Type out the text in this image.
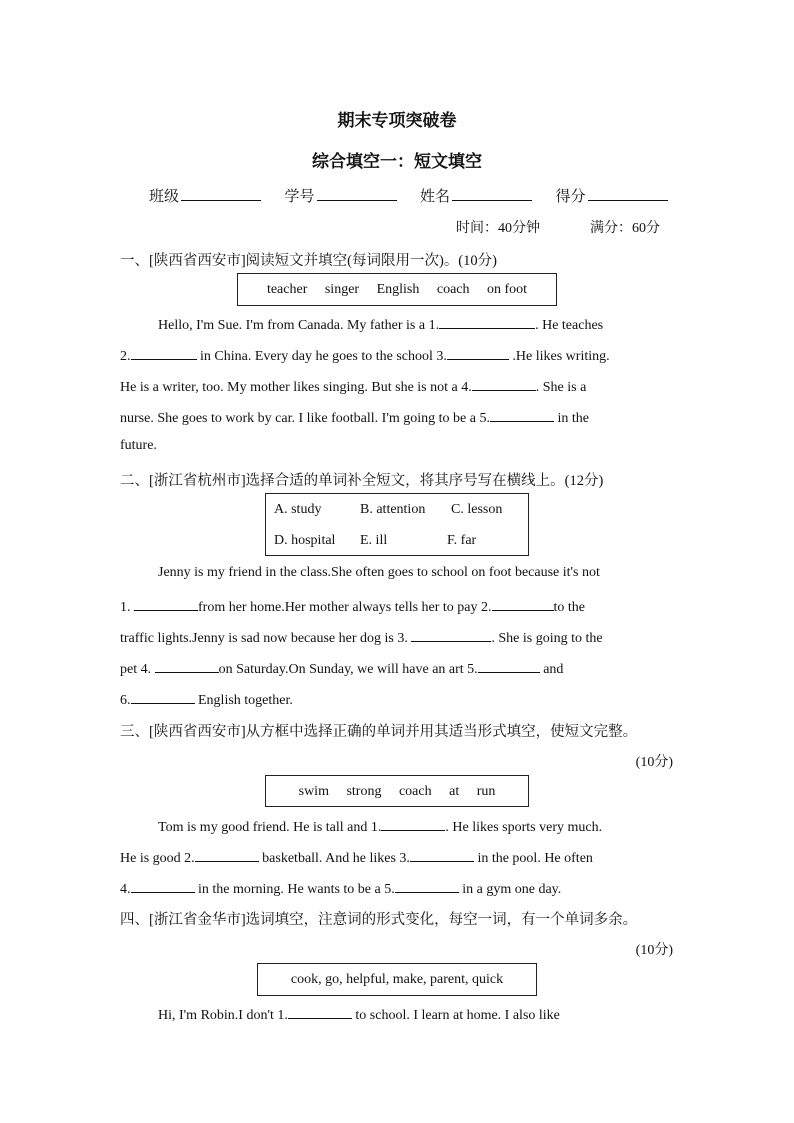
期末专项突破卷
综合填空一：短文填空
班级	学号	姓名	得分
时间：40分钟	满分：60分
一、[陕西省西安市]阅读短文并填空(每词限用一次)。(10分)
teacher     singer     English     coach     on foot
Hello, I'm Sue. I'm from Canada. My father is a 1.	. He teaches
2.	in China. Every day he goes to the school 3.	.He likes writing.
He is a writer, too. My mother likes singing. But she is not a 4.	. She is a
nurse. She goes to work by car. I like football. I'm going to be a 5.	in the
future.
二、[浙江省杭州市]选择合适的单词补全短文，将其序号写在横线上。(12分)
A. study	B. attention C. lesson
D. hospital E. ill	F. far
Jenny is my friend in the class.She often goes to school on foot because it's not
1.	from her home.Her mother always tells her to pay 2.	to the
traffic lights.Jenny is sad now because her dog is 3.	. She is going to the
pet 4.	on Saturday.On Sunday, we will have an art 5.	and
6.	English together.
三、[陕西省西安市]从方框中选择正确的单词并用其适当形式填空，使短文完整。
(10分)
swim     strong     coach     at     run
Tom is my good friend. He is tall and 1.	. He likes sports very much.
He is good 2.	basketball. And he likes 3.	in the pool. He often
4.	in the morning. He wants to be a 5.	in a gym one day.
四、[浙江省金华市]选词填空，注意词的形式变化，每空一词，有一个单词多余。
(10分)
cook, go, helpful, make, parent, quick
Hi, I'm Robin.I don't 1.	to school. I learn at home. I also like
